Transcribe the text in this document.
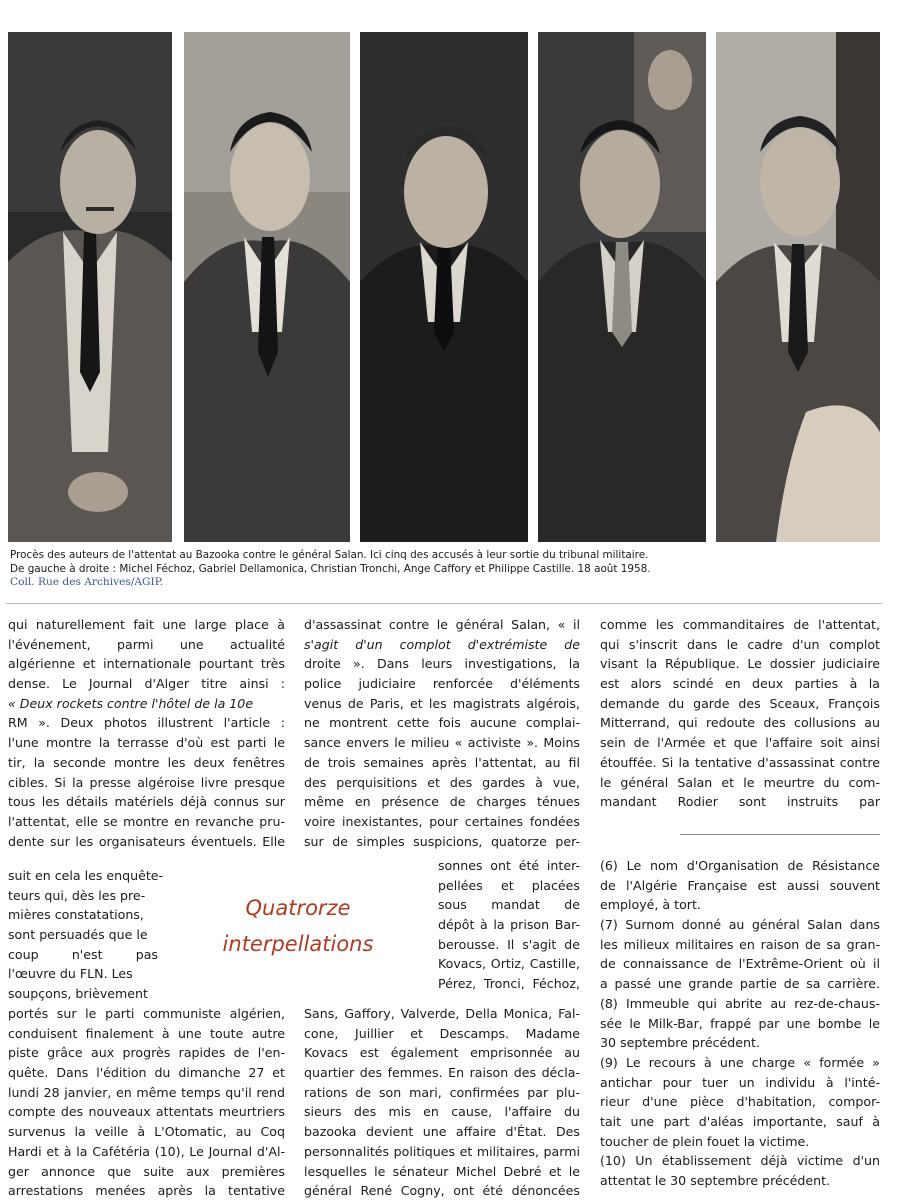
Procès des auteurs de l'attentat au Bazooka contre le général Salan. Ici cinq des accusés à leur sortie du tribunal militaire.
De gauche à droite : Michel Féchoz, Gabriel Dellamonica, Christian Tronchi, Ange Caffory et Philippe Castille. 18 août 1958.
Coll. Rue des Archives/AGIP.
qui naturellement fait une large place à
l'événement, parmi une actualité
algérienne et internationale pourtant très
dense. Le Journal d'Alger titre ainsi :
« Deux rockets contre l'hôtel de la 10e
RM ». Deux photos illustrent l'article :
l'une montre la terrasse d'où est parti le
tir, la seconde montre les deux fenêtres
cibles. Si la presse algéroise livre presque
tous les détails matériels déjà connus sur
l'attentat, elle se montre en revanche pru-
dente sur les organisateurs éventuels. Elle
suit en cela les enquête-
teurs qui, dès les pre-
mières constatations,
sont persuadés que le
coup n'est pas
l'œuvre du FLN. Les
soupçons, brièvement
portés sur le parti communiste algérien,
conduisent finalement à une toute autre
piste grâce aux progrès rapides de l'en-
quête. Dans l'édition du dimanche 27 et
lundi 28 janvier, en même temps qu'il rend
compte des nouveaux attentats meurtriers
survenus la veille à L'Otomatic, au Coq
Hardi et à la Cafétéria (10), Le Journal d'Al-
ger annonce que suite aux premières
arrestations menées après la tentative
Quatrorze
interpellations
d'assassinat contre le général Salan, « il
s'agit d'un complot d'extrémiste de
droite ». Dans leurs investigations, la
police judiciaire renforcée d'éléments
venus de Paris, et les magistrats algérois,
ne montrent cette fois aucune complai-
sance envers le milieu « activiste ». Moins
de trois semaines après l'attentat, au fil
des perquisitions et des gardes à vue,
même en présence de charges ténues
voire inexistantes, pour certaines fondées
sur de simples suspicions, quatorze per-
sonnes ont été inter-
pellées et placées
sous mandat de
dépôt à la prison Bar-
berousse. Il s'agit de
Kovacs, Ortiz, Castille,
Pérez, Tronci, Féchoz,
Sans, Gaffory, Valverde, Della Monica, Fal-
cone, Juillier et Descamps. Madame
Kovacs est également emprisonnée au
quartier des femmes. En raison des décla-
rations de son mari, confirmées par plu-
sieurs des mis en cause, l'affaire du
bazooka devient une affaire d'État. Des
personnalités politiques et militaires, parmi
lesquelles le sénateur Michel Debré et le
général René Cogny, ont été dénoncées
comme les commanditaires de l'attentat,
qui s'inscrit dans le cadre d'un complot
visant la République. Le dossier judiciaire
est alors scindé en deux parties à la
demande du garde des Sceaux, François
Mitterrand, qui redoute des collusions au
sein de l'Armée et que l'affaire soit ainsi
étouffée. Si la tentative d'assassinat contre
le général Salan et le meurtre du com-
mandant Rodier sont instruits par
(6) Le nom d'Organisation de Résistance
de l'Algérie Française est aussi souvent
employé, à tort.
(7) Surnom donné au général Salan dans
les milieux militaires en raison de sa gran-
de connaissance de l'Extrême-Orient où il
a passé une grande partie de sa carrière.
(8) Immeuble qui abrite au rez-de-chaus-
sée le Milk-Bar, frappé par une bombe le
30 septembre précédent.
(9) Le recours à une charge « formée »
antichar pour tuer un individu à l'inté-
rieur d'une pièce d'habitation, compor-
tait une part d'aléas importante, sauf à
toucher de plein fouet la victime.
(10) Un établissement déjà victime d'un
attentat le 30 septembre précédent.
